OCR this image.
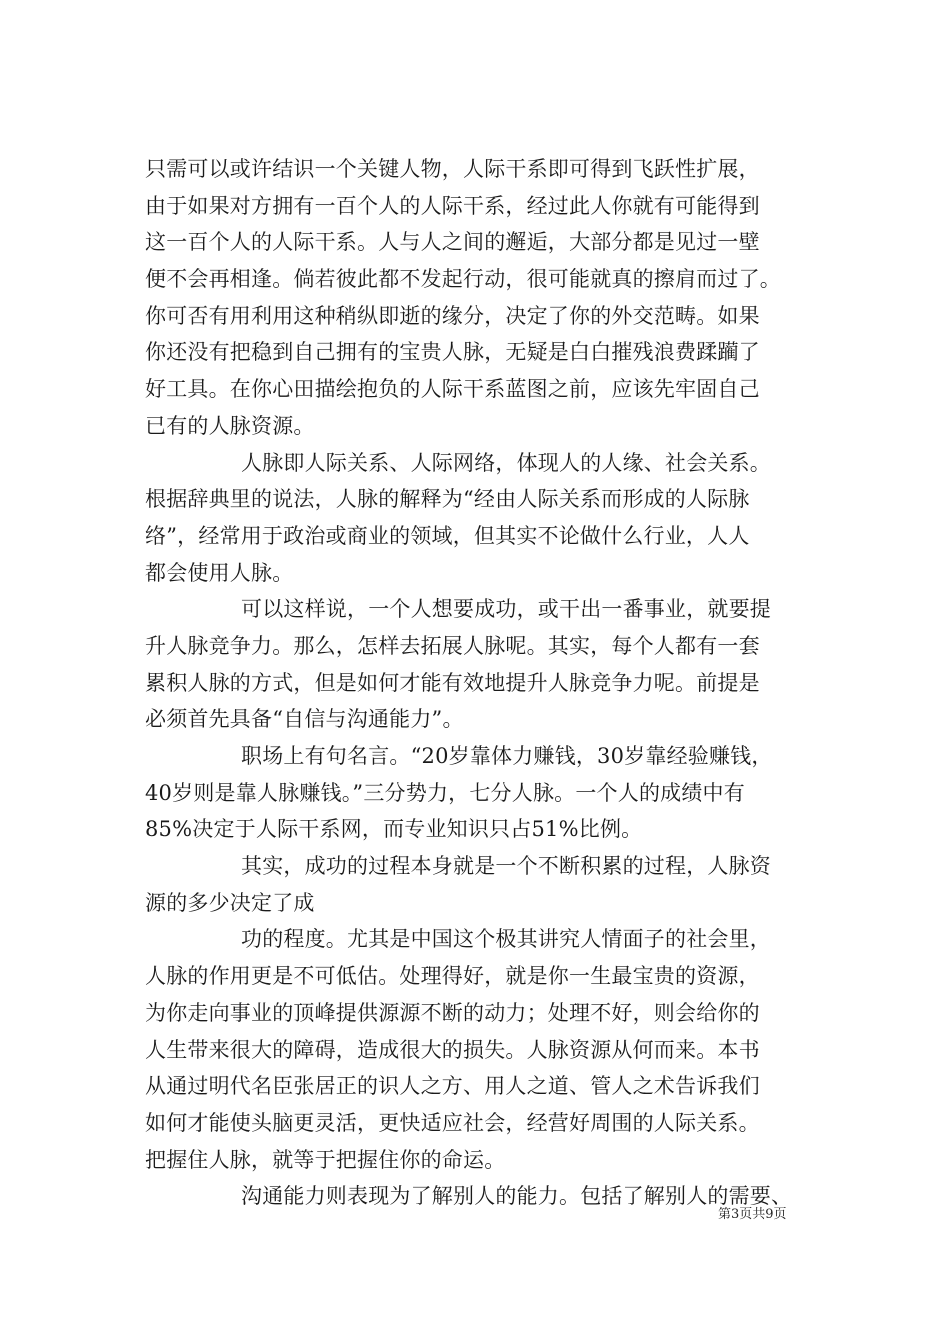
只需可以或许结识一个关键人物，人际干系即可得到飞跃性扩展，
由于如果对方拥有一百个人的人际干系，经过此人你就有可能得到
这一百个人的人际干系。人与人之间的邂逅，大部分都是见过一壁
便不会再相逢。倘若彼此都不发起行动，很可能就真的擦肩而过了。
你可否有用利用这种稍纵即逝的缘分，决定了你的外交范畴。如果
你还没有把稳到自己拥有的宝贵人脉，无疑是白白摧残浪费蹂躏了
好工具。在你心田描绘抱负的人际干系蓝图之前，应该先牢固自己
已有的人脉资源。
人脉即人际关系、人际网络，体现人的人缘、社会关系。
根据辞典里的说法，人脉的解释为“经由人际关系而形成的人际脉
络”，经常用于政治或商业的领域，但其实不论做什么行业，人人
都会使用人脉。
可以这样说，一个人想要成功，或干出一番事业，就要提
升人脉竞争力。那么，怎样去拓展人脉呢。其实，每个人都有一套
累积人脉的方式，但是如何才能有效地提升人脉竞争力呢。前提是
必须首先具备“自信与沟通能力”。
职场上有句名言。“20岁靠体力赚钱，30岁靠经验赚钱，
40岁则是靠人脉赚钱。”三分势力，七分人脉。一个人的成绩中有
85%决定于人际干系网，而专业知识只占51%比例。
其实，成功的过程本身就是一个不断积累的过程，人脉资
源的多少决定了成
功的程度。尤其是中国这个极其讲究人情面子的社会里，
人脉的作用更是不可低估。处理得好，就是你一生最宝贵的资源，
为你走向事业的顶峰提供源源不断的动力；处理不好，则会给你的
人生带来很大的障碍，造成很大的损失。人脉资源从何而来。本书
从通过明代名臣张居正的识人之方、用人之道、管人之术告诉我们
如何才能使头脑更灵活，更快适应社会，经营好周围的人际关系。
把握住人脉，就等于把握住你的命运。
沟通能力则表现为了解别人的能力。包括了解别人的需要、
第3页共9页
